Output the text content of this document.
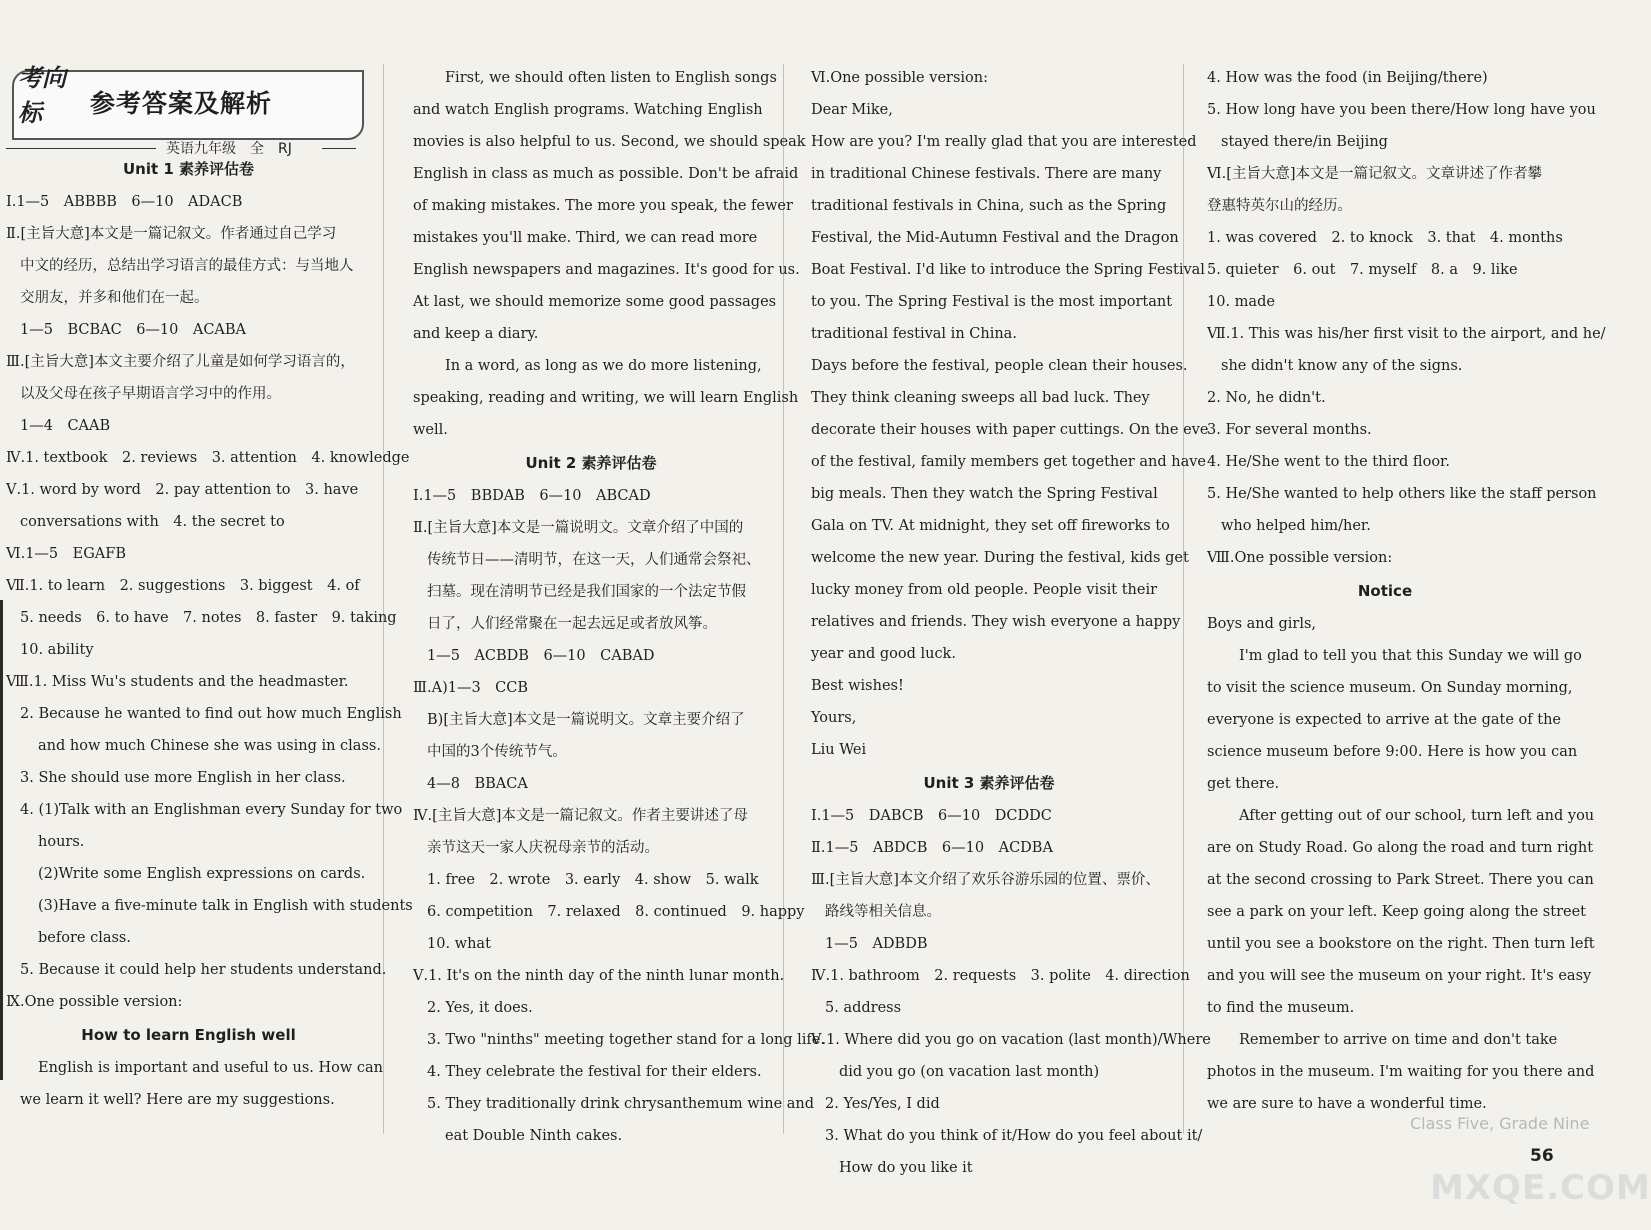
考向标	参考答案及解析
英语九年级　全　RJ
Unit 1 素养评估卷
Ⅰ.1—5　ABBBB　6—10　ADACB
Ⅱ.[主旨大意]本文是一篇记叙文。作者通过自己学习
中文的经历，总结出学习语言的最佳方式：与当地人
交朋友，并多和他们在一起。
1—5　BCBAC　6—10　ACABA
Ⅲ.[主旨大意]本文主要介绍了儿童是如何学习语言的，
以及父母在孩子早期语言学习中的作用。
1—4　CAAB
Ⅳ.1. textbook　2. reviews　3. attention　4. knowledge
Ⅴ.1. word by word　2. pay attention to　3. have
conversations with　4. the secret to
Ⅵ.1—5　EGAFB
Ⅶ.1. to learn　2. suggestions　3. biggest　4. of
5. needs　6. to have　7. notes　8. faster　9. taking
10. ability
Ⅷ.1. Miss Wu's students and the headmaster.
2. Because he wanted to find out how much English
and how much Chinese she was using in class.
3. She should use more English in her class.
4. (1)Talk with an Englishman every Sunday for two
hours.
(2)Write some English expressions on cards.
(3)Have a five-minute talk in English with students
before class.
5. Because it could help her students understand.
Ⅸ.One possible version:
How to learn English well
English is important and useful to us. How can
we learn it well? Here are my suggestions.
First, we should often listen to English songs
and watch English programs. Watching English
movies is also helpful to us. Second, we should speak
English in class as much as possible. Don't be afraid
of making mistakes. The more you speak, the fewer
mistakes you'll make. Third, we can read more
English newspapers and magazines. It's good for us.
At last, we should memorize some good passages
and keep a diary.
In a word, as long as we do more listening,
speaking, reading and writing, we will learn English
well.
Unit 2 素养评估卷
Ⅰ.1—5　BBDAB　6—10　ABCAD
Ⅱ.[主旨大意]本文是一篇说明文。文章介绍了中国的
传统节日——清明节，在这一天，人们通常会祭祀、
扫墓。现在清明节已经是我们国家的一个法定节假
日了，人们经常聚在一起去远足或者放风筝。
1—5　ACBDB　6—10　CABAD
Ⅲ.A)1—3　CCB
B)[主旨大意]本文是一篇说明文。文章主要介绍了
中国的3个传统节气。
4—8　BBACA
Ⅳ.[主旨大意]本文是一篇记叙文。作者主要讲述了母
亲节这天一家人庆祝母亲节的活动。
1. free　2. wrote　3. early　4. show　5. walk
6. competition　7. relaxed　8. continued　9. happy
10. what
Ⅴ.1. It's on the ninth day of the ninth lunar month.
2. Yes, it does.
3. Two "ninths" meeting together stand for a long life.
4. They celebrate the festival for their elders.
5. They traditionally drink chrysanthemum wine and
eat Double Ninth cakes.
Ⅵ.One possible version:
Dear Mike,
How are you? I'm really glad that you are interested
in traditional Chinese festivals. There are many
traditional festivals in China, such as the Spring
Festival, the Mid-Autumn Festival and the Dragon
Boat Festival. I'd like to introduce the Spring Festival
to you. The Spring Festival is the most important
traditional festival in China.
Days before the festival, people clean their houses.
They think cleaning sweeps all bad luck. They
decorate their houses with paper cuttings. On the eve
of the festival, family members get together and have
big meals. Then they watch the Spring Festival
Gala on TV. At midnight, they set off fireworks to
welcome the new year. During the festival, kids get
lucky money from old people. People visit their
relatives and friends. They wish everyone a happy
year and good luck.
Best wishes!
Yours,
Liu Wei
Unit 3 素养评估卷
Ⅰ.1—5　DABCB　6—10　DCDDC
Ⅱ.1—5　ABDCB　6—10　ACDBA
Ⅲ.[主旨大意]本文介绍了欢乐谷游乐园的位置、票价、
路线等相关信息。
1—5　ADBDB
Ⅳ.1. bathroom　2. requests　3. polite　4. direction
5. address
Ⅴ.1. Where did you go on vacation (last month)/Where
did you go (on vacation last month)
2. Yes/Yes, I did
3. What do you think of it/How do you feel about it/
How do you like it
4. How was the food (in Beijing/there)
5. How long have you been there/How long have you
stayed there/in Beijing
Ⅵ.[主旨大意]本文是一篇记叙文。文章讲述了作者攀
登惠特英尔山的经历。
1. was covered　2. to knock　3. that　4. months
5. quieter　6. out　7. myself　8. a　9. like
10. made
Ⅶ.1. This was his/her first visit to the airport, and he/
she didn't know any of the signs.
2. No, he didn't.
3. For several months.
4. He/She went to the third floor.
5. He/She wanted to help others like the staff person
who helped him/her.
Ⅷ.One possible version:
Notice
Boys and girls,
I'm glad to tell you that this Sunday we will go
to visit the science museum. On Sunday morning,
everyone is expected to arrive at the gate of the
science museum before 9:00. Here is how you can
get there.
After getting out of our school, turn left and you
are on Study Road. Go along the road and turn right
at the second crossing to Park Street. There you can
see a park on your left. Keep going along the street
until you see a bookstore on the right. Then turn left
and you will see the museum on your right. It's easy
to find the museum.
Remember to arrive on time and don't take
photos in the museum. I'm waiting for you there and
we are sure to have a wonderful time.
Class Five, Grade Nine
56
MXQE.COM
